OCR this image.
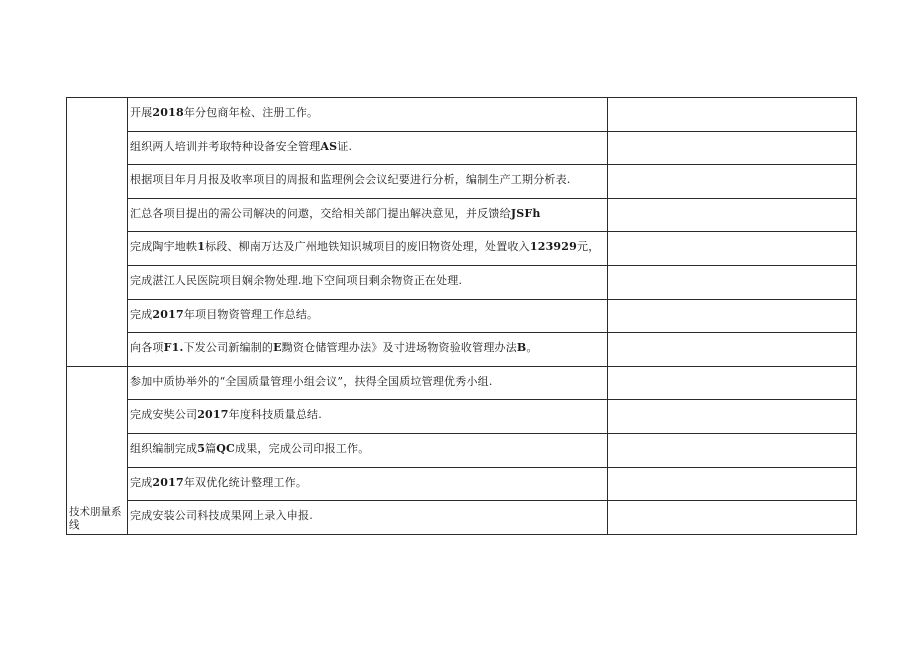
	开展2018年分包商年检、注册工作。	
	组织两人培训并考取特种设备安全管理AS证.	
	根据项目年月月报及收率项目的周报和监理例会会议纪要进行分析，编制生产工期分析表.	
	汇总各项目提出的需公司解决的问遨，交给相关部门提出解决意见，并反馈给JSFh	
	完成陶宇地帙1标段、柳南万达及广州地铁知识城项目的废旧物资处理，处置收入123929元，	
	完成湛江人民医院项目娴余物处理.地下空间项目剩余物资正在处理.	
	完成2017年项目物资管理工作总结。	
	向各项F1.下发公司新编制的E黝资仓储管理办法》及寸进场物资验收管理办法B。	

技术朋量系线	参加中质协举外的“全国质量管理小组会议”，扶得全国质垃管理优秀小组.	
	完成安奘公司2017年度科技质量总结.	
	组织编制完成5篇QC成果，完成公司印报工作。	
	完成2017年双优化统计整理工作。	
	完成安装公司科技成果网上录入申报.	
